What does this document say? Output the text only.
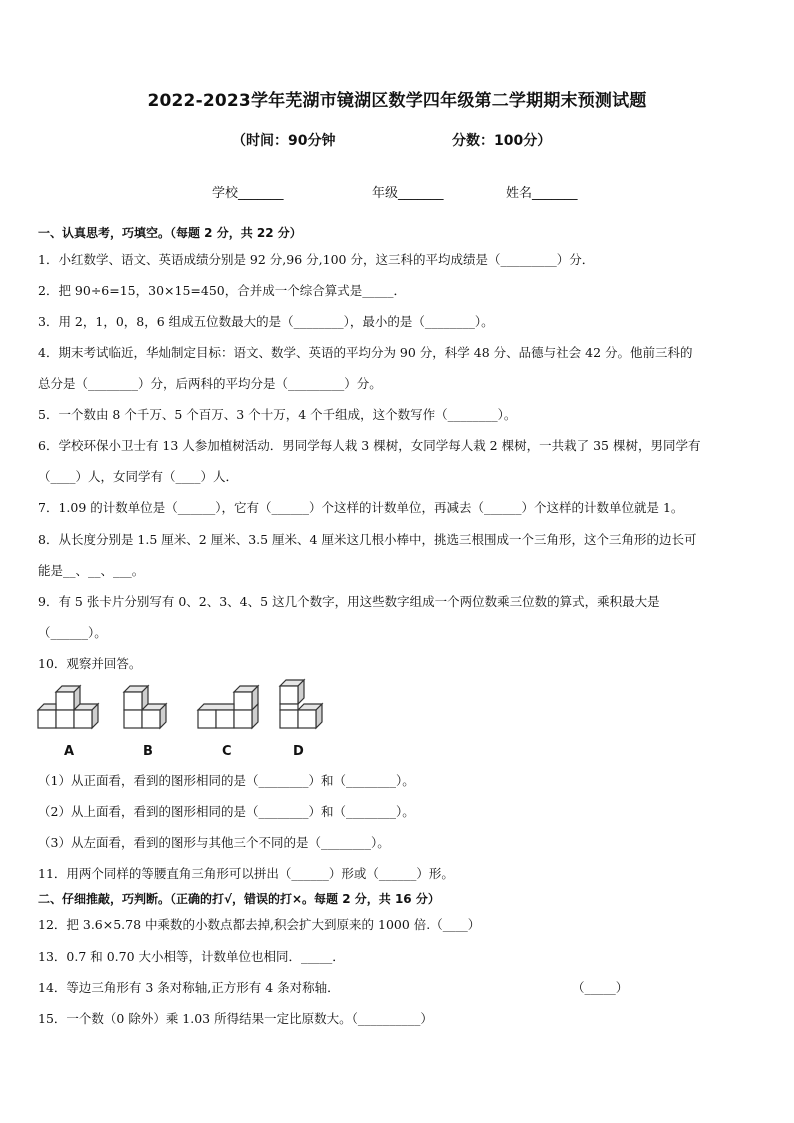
2022-2023学年芜湖市镜湖区数学四年级第二学期期末预测试题
（时间：90分钟	分数：100分）
学校_______	年级_______	姓名_______
一、认真思考，巧填空。（每题 2 分，共 22 分）
1．小红数学、语文、英语成绩分别是 92 分,96 分,100 分，这三科的平均成绩是（_________）分．
2．把 90÷6=15，30×15=450，合并成一个综合算式是_____．
3．用 2，1，0，8，6 组成五位数最大的是（________），最小的是（________）。
4．期末考试临近，华灿制定目标：语文、数学、英语的平均分为 90 分，科学 48 分、品德与社会 42 分。他前三科的
总分是（________）分，后两科的平均分是（_________）分。
5．一个数由 8 个千万、5 个百万、3 个十万，4 个千组成，这个数写作（________）。
6．学校环保小卫士有 13 人参加植树活动．男同学每人栽 3 棵树，女同学每人栽 2 棵树，一共栽了 35 棵树，男同学有
（____）人，女同学有（____）人．
7．1.09 的计数单位是（______），它有（______）个这样的计数单位，再减去（______）个这样的计数单位就是 1。
8．从长度分别是 1.5 厘米、2 厘米、3.5 厘米、4 厘米这几根小棒中，挑选三根围成一个三角形，这个三角形的边长可
能是__、__、___。
9．有 5 张卡片分别写有 0、2、3、4、5 这几个数字，用这些数字组成一个两位数乘三位数的算式，乘积最大是
（______）。
10．观察并回答。
A	B	C	D
（1）从正面看，看到的图形相同的是（________）和（________）。
（2）从上面看，看到的图形相同的是（________）和（________）。
（3）从左面看，看到的图形与其他三个不同的是（________）。
11．用两个同样的等腰直角三角形可以拼出（______）形或（______）形。
二、仔细推敲，巧判断。（正确的打√，错误的打×。每题 2 分，共 16 分）
12．把 3.6×5.78 中乘数的小数点都去掉,积会扩大到原来的 1000 倍.（____）
13．0.7 和 0.70 大小相等，计数单位也相同．_____．
14．等边三角形有 3 条对称轴,正方形有 4 条对称轴．	（_____）
15．一个数（0 除外）乘 1.03 所得结果一定比原数大。（__________）
